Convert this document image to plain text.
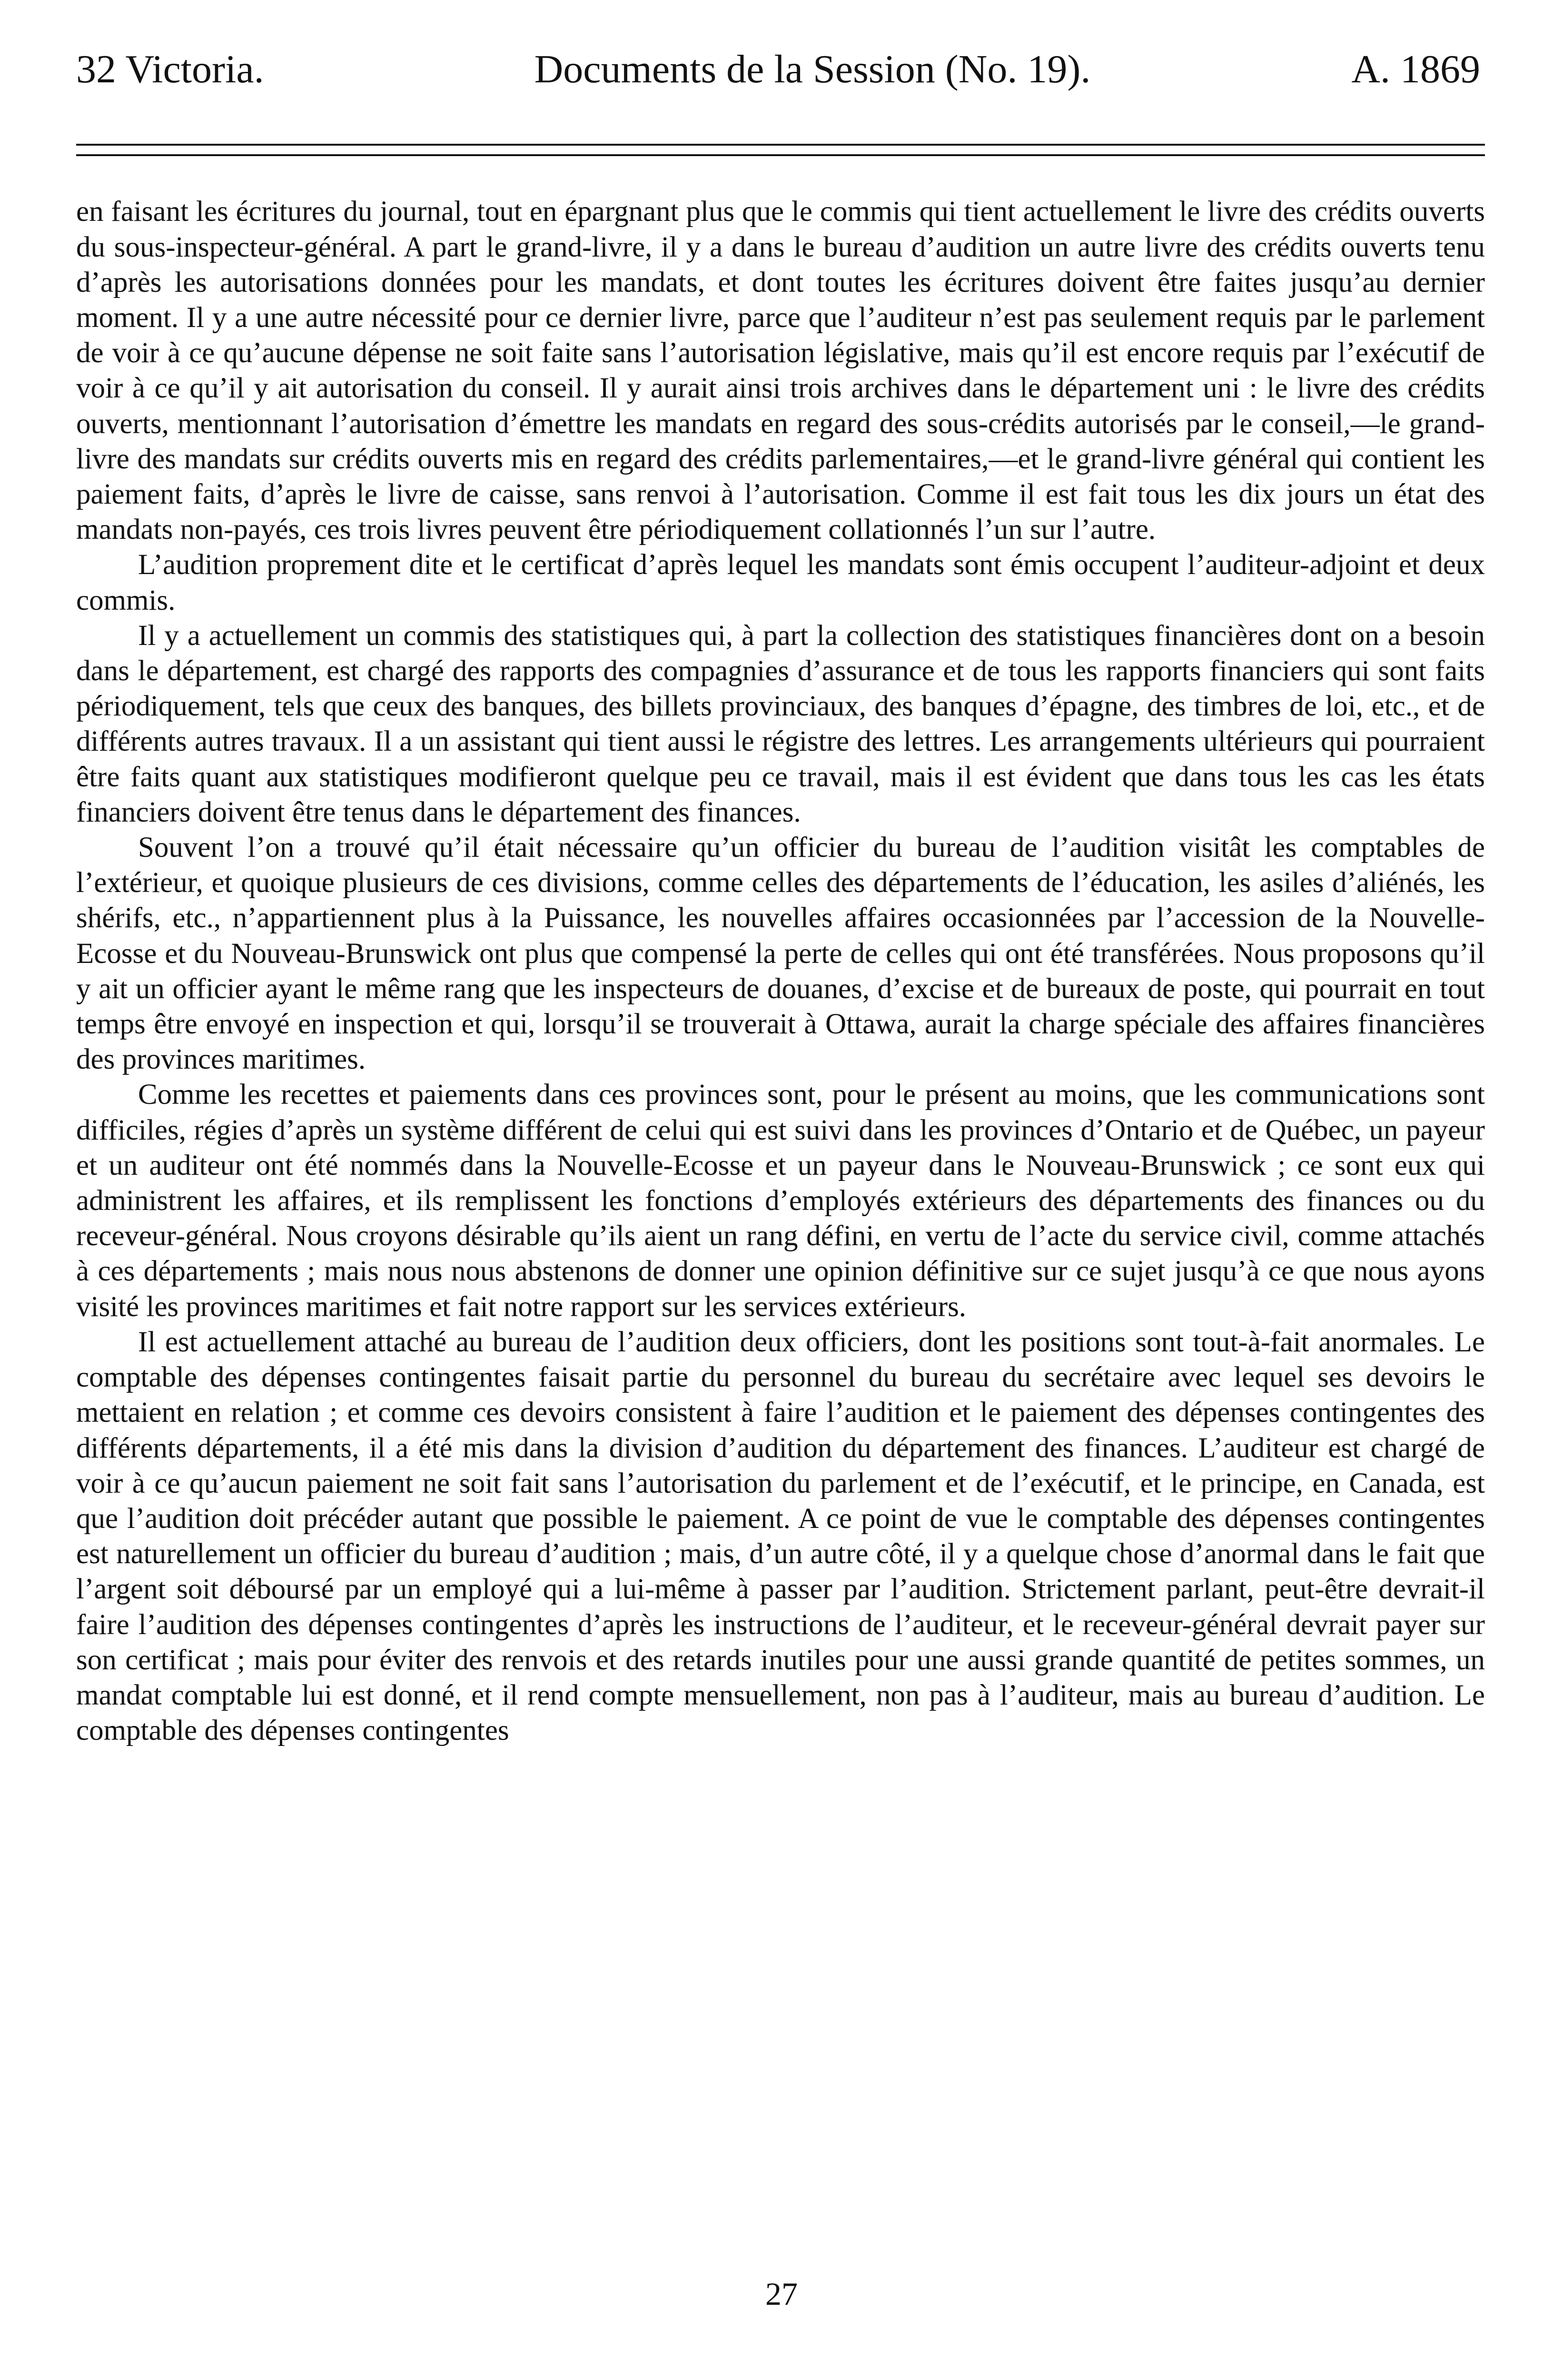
32 Victoria.	Documents de la Session (No. 19).	A. 1869

en faisant les écritures du journal, tout en épargnant plus que le commis qui tient actuellement le livre des crédits ouverts du sous-inspecteur-général. A part le grand-livre, il y a dans le bureau d’audition un autre livre des crédits ouverts tenu d’après les autorisations données pour les mandats, et dont toutes les écritures doivent être faites jusqu’au dernier moment. Il y a une autre nécessité pour ce dernier livre, parce que l’auditeur n’est pas seulement requis par le parlement de voir à ce qu’aucune dépense ne soit faite sans l’autorisation législative, mais qu’il est encore requis par l’exécutif de voir à ce qu’il y ait autorisation du conseil. Il y aurait ainsi trois archives dans le département uni : le livre des crédits ouverts, mentionnant l’autorisation d’émettre les mandats en regard des sous-crédits autorisés par le conseil,—le grand-livre des mandats sur crédits ouverts mis en regard des crédits parlementaires,—et le grand-livre général qui contient les paiement faits, d’après le livre de caisse, sans renvoi à l’autorisation. Comme il est fait tous les dix jours un état des mandats non-payés, ces trois livres peuvent être périodiquement collationnés l’un sur l’autre.

L’audition proprement dite et le certificat d’après lequel les mandats sont émis occupent l’auditeur-adjoint et deux commis.

Il y a actuellement un commis des statistiques qui, à part la collection des statistiques financières dont on a besoin dans le département, est chargé des rapports des compagnies d’assurance et de tous les rapports financiers qui sont faits périodiquement, tels que ceux des banques, des billets provinciaux, des banques d’épagne, des timbres de loi, etc., et de différents autres travaux. Il a un assistant qui tient aussi le régistre des lettres. Les arrangements ultérieurs qui pourraient être faits quant aux statistiques modifieront quelque peu ce travail, mais il est évident que dans tous les cas les états financiers doivent être tenus dans le département des finances.

Souvent l’on a trouvé qu’il était nécessaire qu’un officier du bureau de l’audition visitât les comptables de l’extérieur, et quoique plusieurs de ces divisions, comme celles des départements de l’éducation, les asiles d’aliénés, les shérifs, etc., n’appartiennent plus à la Puissance, les nouvelles affaires occasionnées par l’accession de la Nouvelle-Ecosse et du Nouveau-Brunswick ont plus que compensé la perte de celles qui ont été transférées. Nous proposons qu’il y ait un officier ayant le même rang que les inspecteurs de douanes, d’excise et de bureaux de poste, qui pourrait en tout temps être envoyé en inspection et qui, lorsqu’il se trouverait à Ottawa, aurait la charge spéciale des affaires financières des provinces maritimes.

Comme les recettes et paiements dans ces provinces sont, pour le présent au moins, que les communications sont difficiles, régies d’après un système différent de celui qui est suivi dans les provinces d’Ontario et de Québec, un payeur et un auditeur ont été nommés dans la Nouvelle-Ecosse et un payeur dans le Nouveau-Brunswick ; ce sont eux qui administrent les affaires, et ils remplissent les fonctions d’employés extérieurs des départements des finances ou du receveur-général. Nous croyons désirable qu’ils aient un rang défini, en vertu de l’acte du service civil, comme attachés à ces départements ; mais nous nous abstenons de donner une opinion définitive sur ce sujet jusqu’à ce que nous ayons visité les provinces maritimes et fait notre rapport sur les services extérieurs.

Il est actuellement attaché au bureau de l’audition deux officiers, dont les positions sont tout-à-fait anormales. Le comptable des dépenses contingentes faisait partie du personnel du bureau du secrétaire avec lequel ses devoirs le mettaient en relation ; et comme ces devoirs consistent à faire l’audition et le paiement des dépenses contingentes des différents départements, il a été mis dans la division d’audition du département des finances. L’auditeur est chargé de voir à ce qu’aucun paiement ne soit fait sans l’autorisation du parlement et de l’exécutif, et le principe, en Canada, est que l’audition doit précéder autant que possible le paiement. A ce point de vue le comptable des dépenses contingentes est naturellement un officier du bureau d’audition ; mais, d’un autre côté, il y a quelque chose d’anormal dans le fait que l’argent soit déboursé par un employé qui a lui-même à passer par l’audition. Strictement parlant, peut-être devrait-il faire l’audition des dépenses contingentes d’après les instructions de l’auditeur, et le receveur-général devrait payer sur son certificat ; mais pour éviter des renvois et des retards inutiles pour une aussi grande quantité de petites sommes, un mandat comptable lui est donné, et il rend compte mensuellement, non pas à l’auditeur, mais au bureau d’audition. Le comptable des dépenses contingentes

27
